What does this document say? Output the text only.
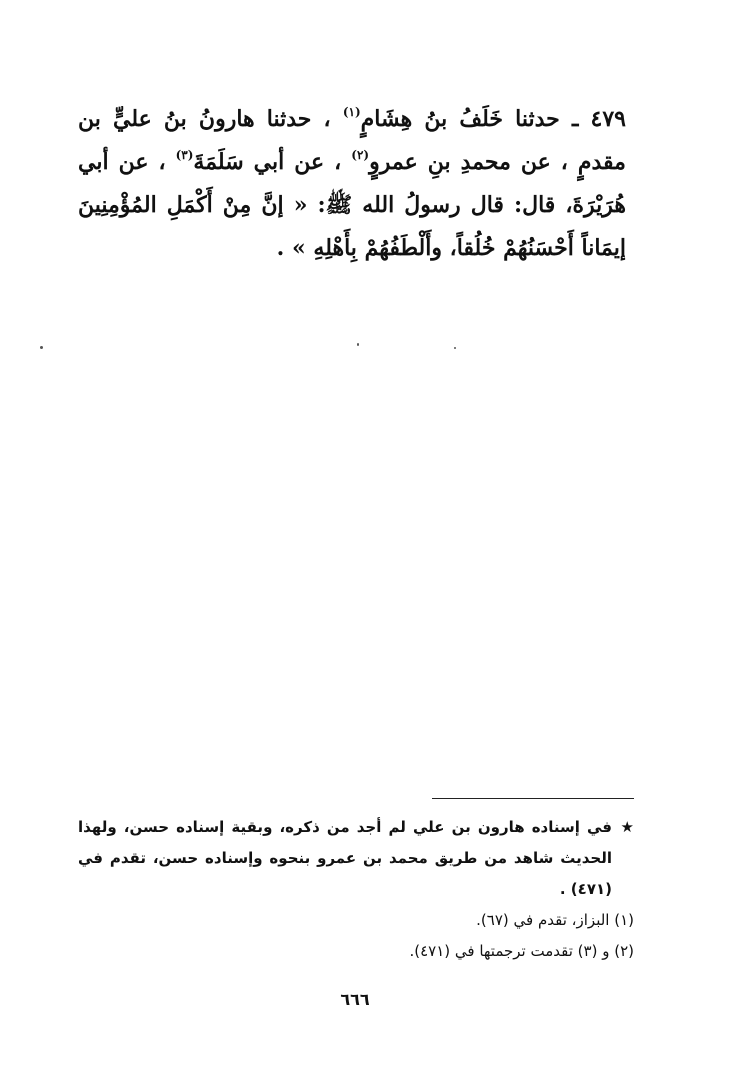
٤٧٩ ـ حدثنا خَلَفُ بنُ هِشَامٍ$^{(١)}$ ، حدثنا هارونُ بنُ عليٍّ بن مقدمٍ ، عن محمدِ بنِ عمروٍ$^{(٢)}$ ، عن أبي سَلَمَةَ$^{(٣)}$ ، عن أبي هُرَيْرَةَ، قال: قال رسولُ الله ﷺ: « إنَّ مِنْ أَكْمَلِ المُؤْمِنِينَ إيمَاناً أَحْسَنُهُمْ خُلُقاً، وأَلْطَفُهُمْ بِأَهْلِهِ » .
★
في إسناده هارون بن علي لم أجد من ذكره، وبقية إسناده حسن، ولهذا الحديث شاهد من طريق محمد بن عمرو بنحوه وإسناده حسن، تقدم في (٤٧١) .
(١) البزاز، تقدم في (٦٧).
(٢) و (٣) تقدمت ترجمتها في (٤٧١).
٦٦٦
